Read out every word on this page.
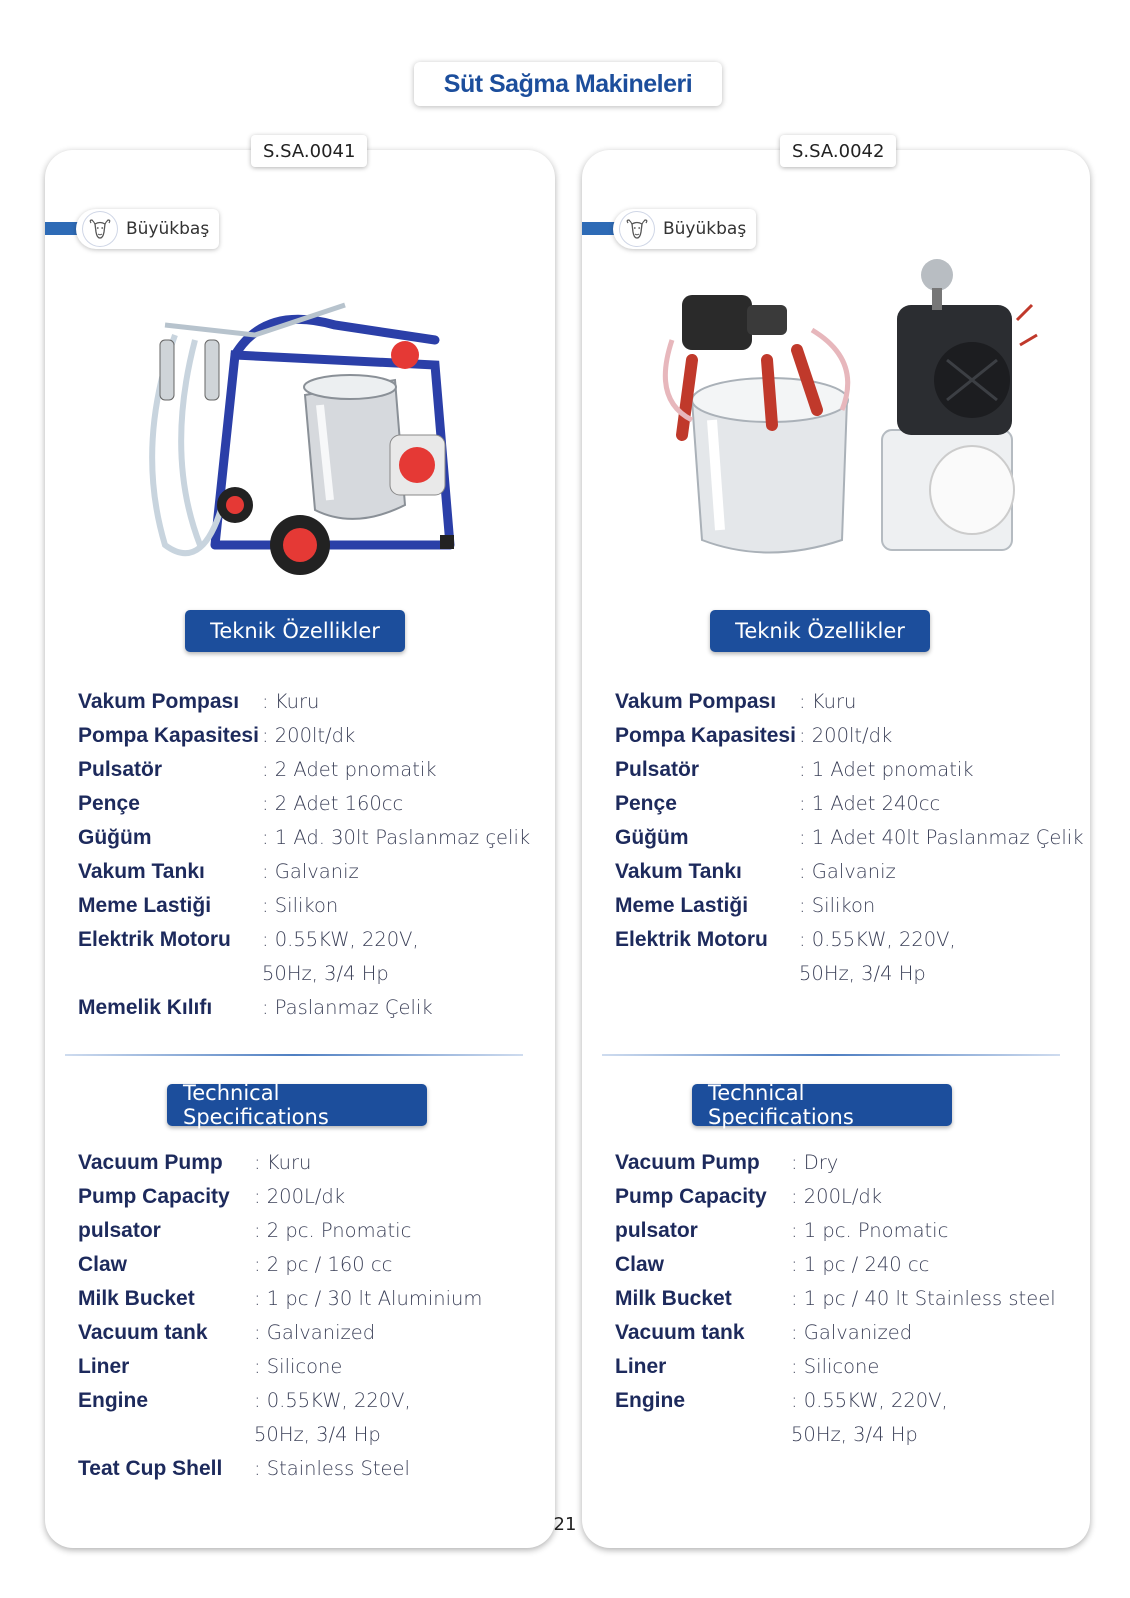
Süt Sağma Makineleri
S.SA.0041
Büyükbaş
Teknik Özellikler
Vakum Pompası	: Kuru
Pompa Kapasitesi : 200lt/dk
Pulsatör	: 2 Adet pnomatik
Pençe	: 2 Adet 160cc
Güğüm	: 1 Ad. 30lt Paslanmaz çelik
Vakum Tankı	: Galvaniz
Meme Lastiği	: Silikon
Elektrik Motoru	: 0.55KW, 220V,
50Hz, 3/4 Hp
Memelik Kılıfı	: Paslanmaz Çelik
Technical Specifications
Vacuum Pump	: Kuru
Pump Capacity	: 200L/dk
pulsator	: 2 pc. Pnomatic
Claw	: 2 pc / 160 cc
Milk Bucket	: 1 pc / 30 lt Aluminium
Vacuum tank	: Galvanized
Liner	: Silicone
Engine	: 0.55KW, 220V,
50Hz, 3/4 Hp
Teat Cup Shell	: Stainless Steel
S.SA.0042
Büyükbaş
Teknik Özellikler
Vakum Pompası	: Kuru
Pompa Kapasitesi : 200lt/dk
Pulsatör	: 1 Adet pnomatik
Pençe	: 1 Adet 240cc
Güğüm	: 1 Adet 40lt Paslanmaz Çelik
Vakum Tankı	: Galvaniz
Meme Lastiği	: Silikon
Elektrik Motoru	: 0.55KW, 220V,
50Hz, 3/4 Hp
Technical Specifications
Vacuum Pump	: Dry
Pump Capacity	: 200L/dk
pulsator	: 1 pc. Pnomatic
Claw	: 1 pc / 240 cc
Milk Bucket	: 1 pc / 40 lt Stainless steel
Vacuum tank	: Galvanized
Liner	: Silicone
Engine	: 0.55KW, 220V,
50Hz, 3/4 Hp
21
